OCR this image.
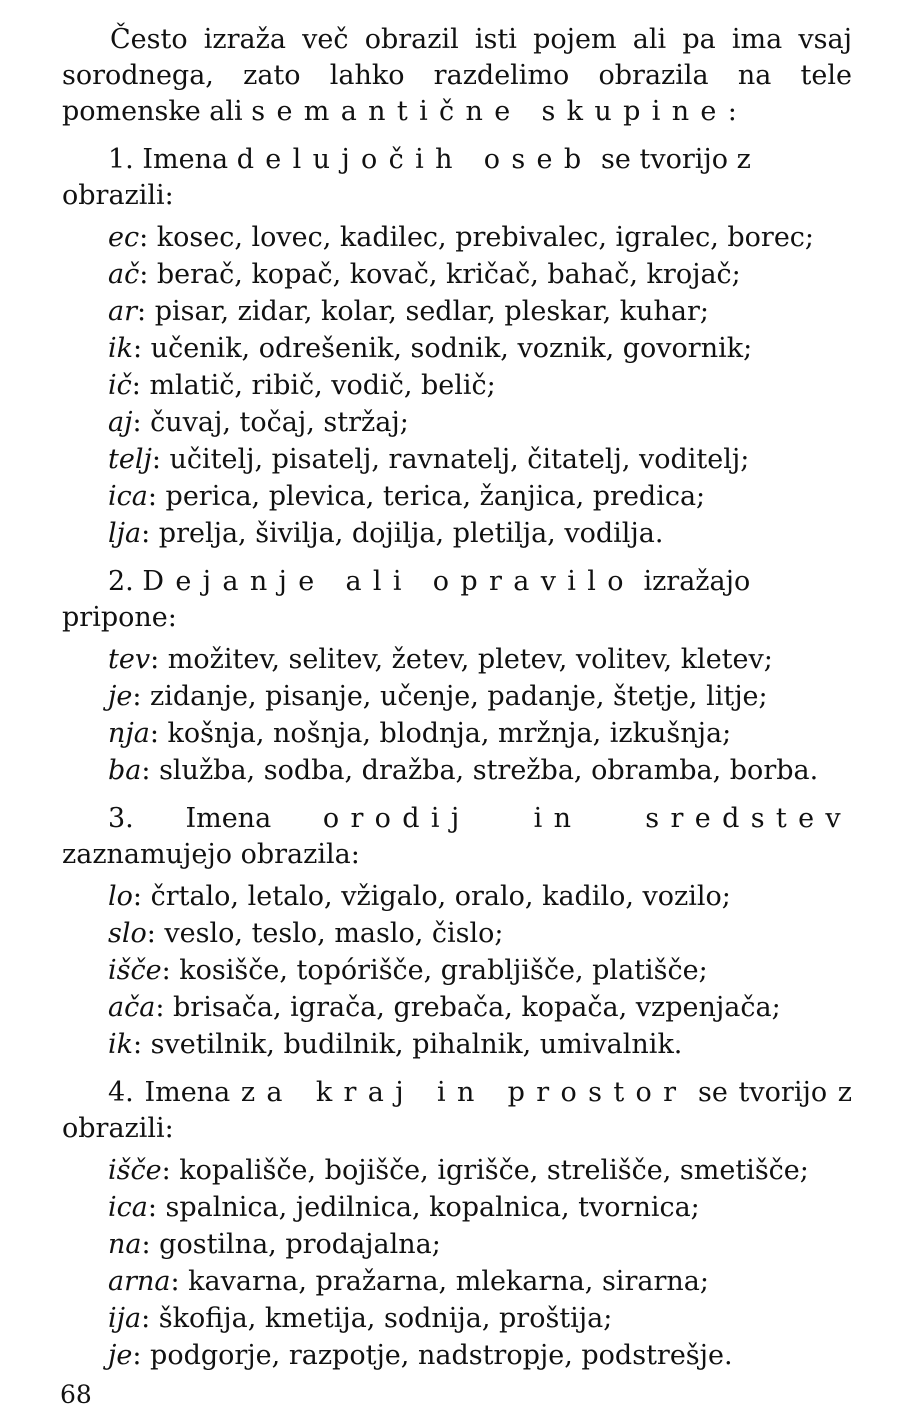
Često izraža več obrazil isti pojem ali pa ima vsaj sorodnega, zato lahko razdelimo obrazila na tele pomenske ali semantične skupine:

1. Imena delujočih oseb se tvorijo z obrazili:
ec: kosec, lovec, kadilec, prebivalec, igralec, borec;
ač: berač, kopač, kovač, kričač, bahač, krojač;
ar: pisar, zidar, kolar, sedlar, pleskar, kuhar;
ik: učenik, odrešenik, sodnik, voznik, govornik;
ič: mlatič, ribič, vodič, belič;
aj: čuvaj, točaj, stržaj;
telj: učitelj, pisatelj, ravnatelj, čitatelj, voditelj;
ica: perica, plevica, terica, žanjica, predica;
lja: prelja, šivilja, dojilja, pletilja, vodilja.
2. Dejanje ali opravilo izražajo pripone:
tev: možitev, selitev, žetev, pletev, volitev, kletev;
je: zidanje, pisanje, učenje, padanje, štetje, litje;
nja: košnja, nošnja, blodnja, mržnja, izkušnja;
ba: služba, sodba, dražba, strežba, obramba, borba.
3. Imena orodij in sredstev zaznamujejo obrazila:
lo: črtalo, letalo, vžigalo, oralo, kadilo, vozilo;
slo: veslo, teslo, maslo, čislo;
išče: kosišče, topórišče, grabljišče, platišče;
ača: brisača, igrača, grebača, kopača, vzpenjača;
ik: svetilnik, budilnik, pihalnik, umivalnik.
4. Imena za kraj in prostor se tvorijo z obrazili:
išče: kopališče, bojišče, igrišče, strelišče, smetišče;
ica: spalnica, jedilnica, kopalnica, tvornica;
na: gostilna, prodajalna;
arna: kavarna, pražarna, mlekarna, sirarna;
ija: škofija, kmetija, sodnija, proštija;
je: podgorje, razpotje, nadstropje, podstrešje.
68
